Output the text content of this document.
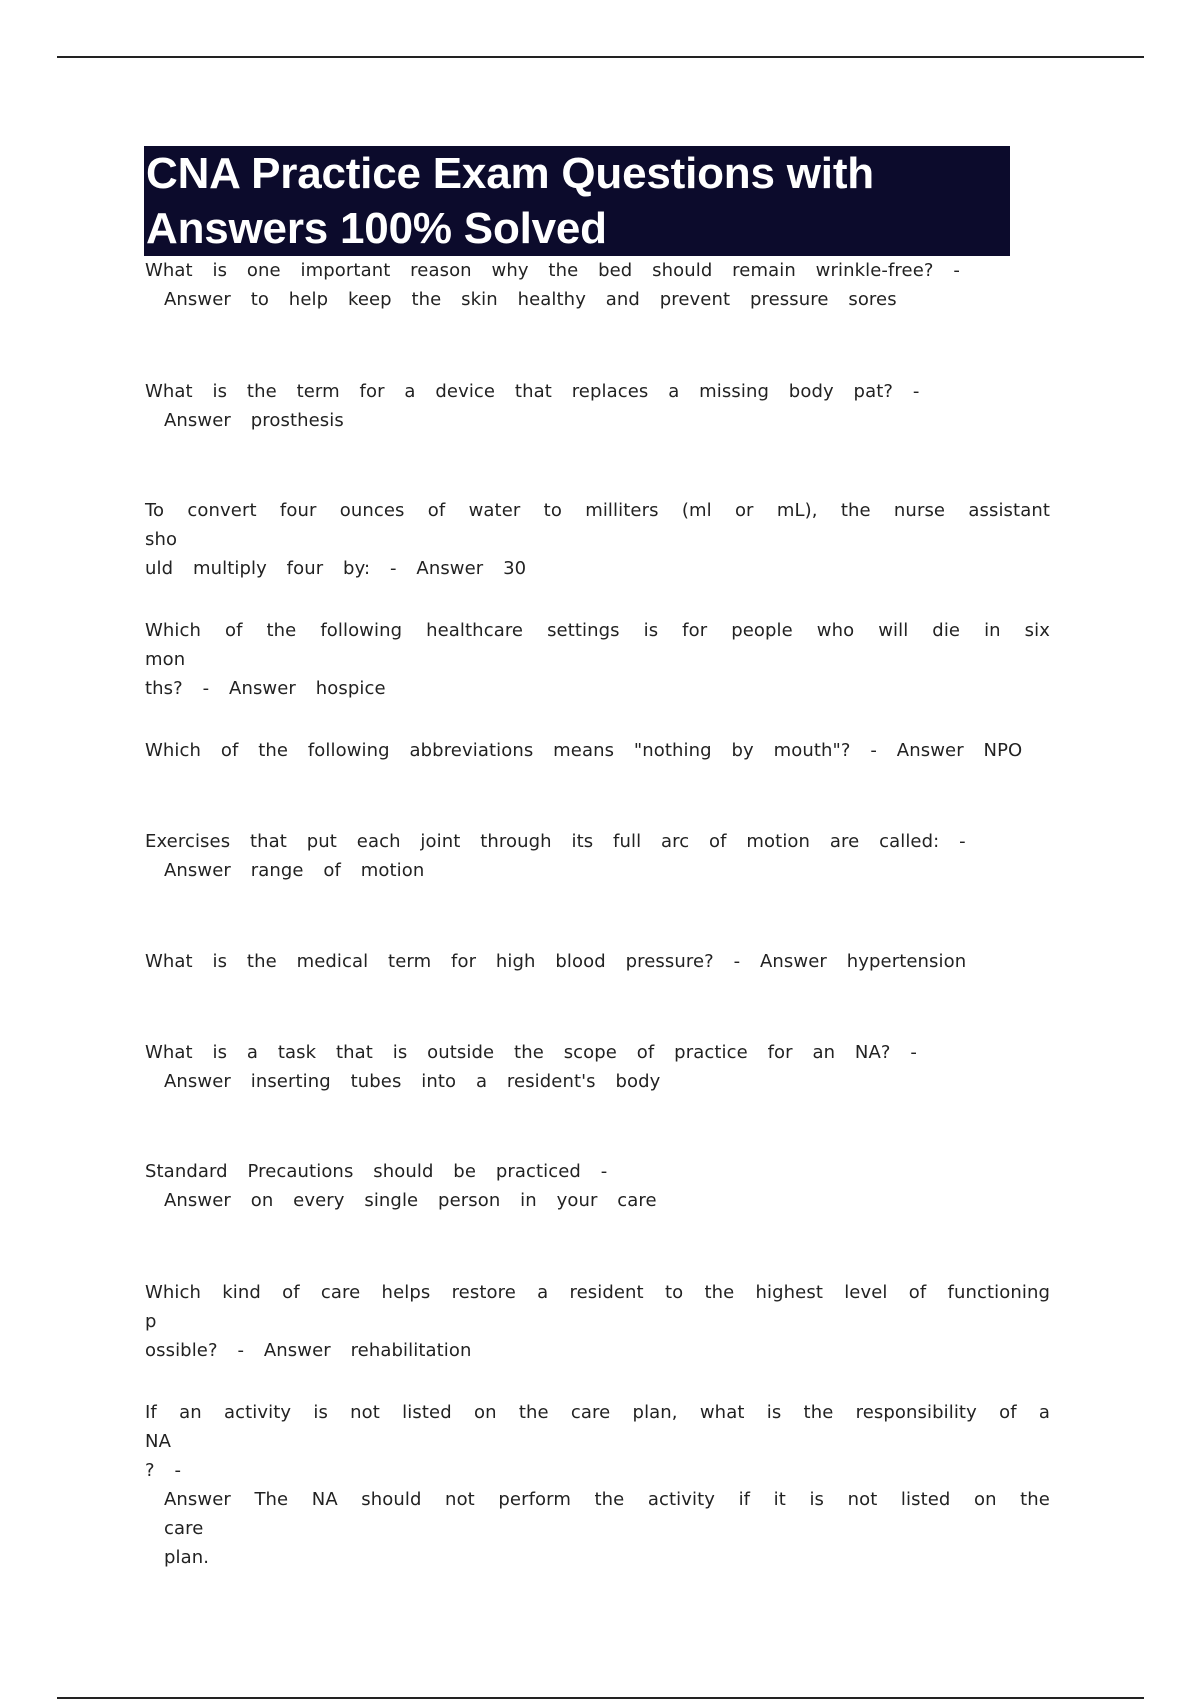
CNA Practice Exam Questions with
Answers 100% Solved
What is one important reason why the bed should remain wrinkle-free? -
Answer to help keep the skin healthy and prevent pressure sores
What is the term for a device that replaces a missing body pat? -
Answer prosthesis
To convert four ounces of water to milliters (ml or mL), the nurse assistant sho
uld multiply four by: - Answer 30
Which of the following healthcare settings is for people who will die in six mon
ths? - Answer hospice
Which of the following abbreviations means "nothing by mouth"? - Answer NPO
Exercises that put each joint through its full arc of motion are called: -
Answer range of motion
What is the medical term for high blood pressure? - Answer hypertension
What is a task that is outside the scope of practice for an NA? -
Answer inserting tubes into a resident's body
Standard Precautions should be practiced -
Answer on every single person in your care
Which kind of care helps restore a resident to the highest level of functioning p
ossible? - Answer rehabilitation
If an activity is not listed on the care plan, what is the responsibility of a NA
? -
Answer The NA should not perform the activity if it is not listed on the care
plan.
